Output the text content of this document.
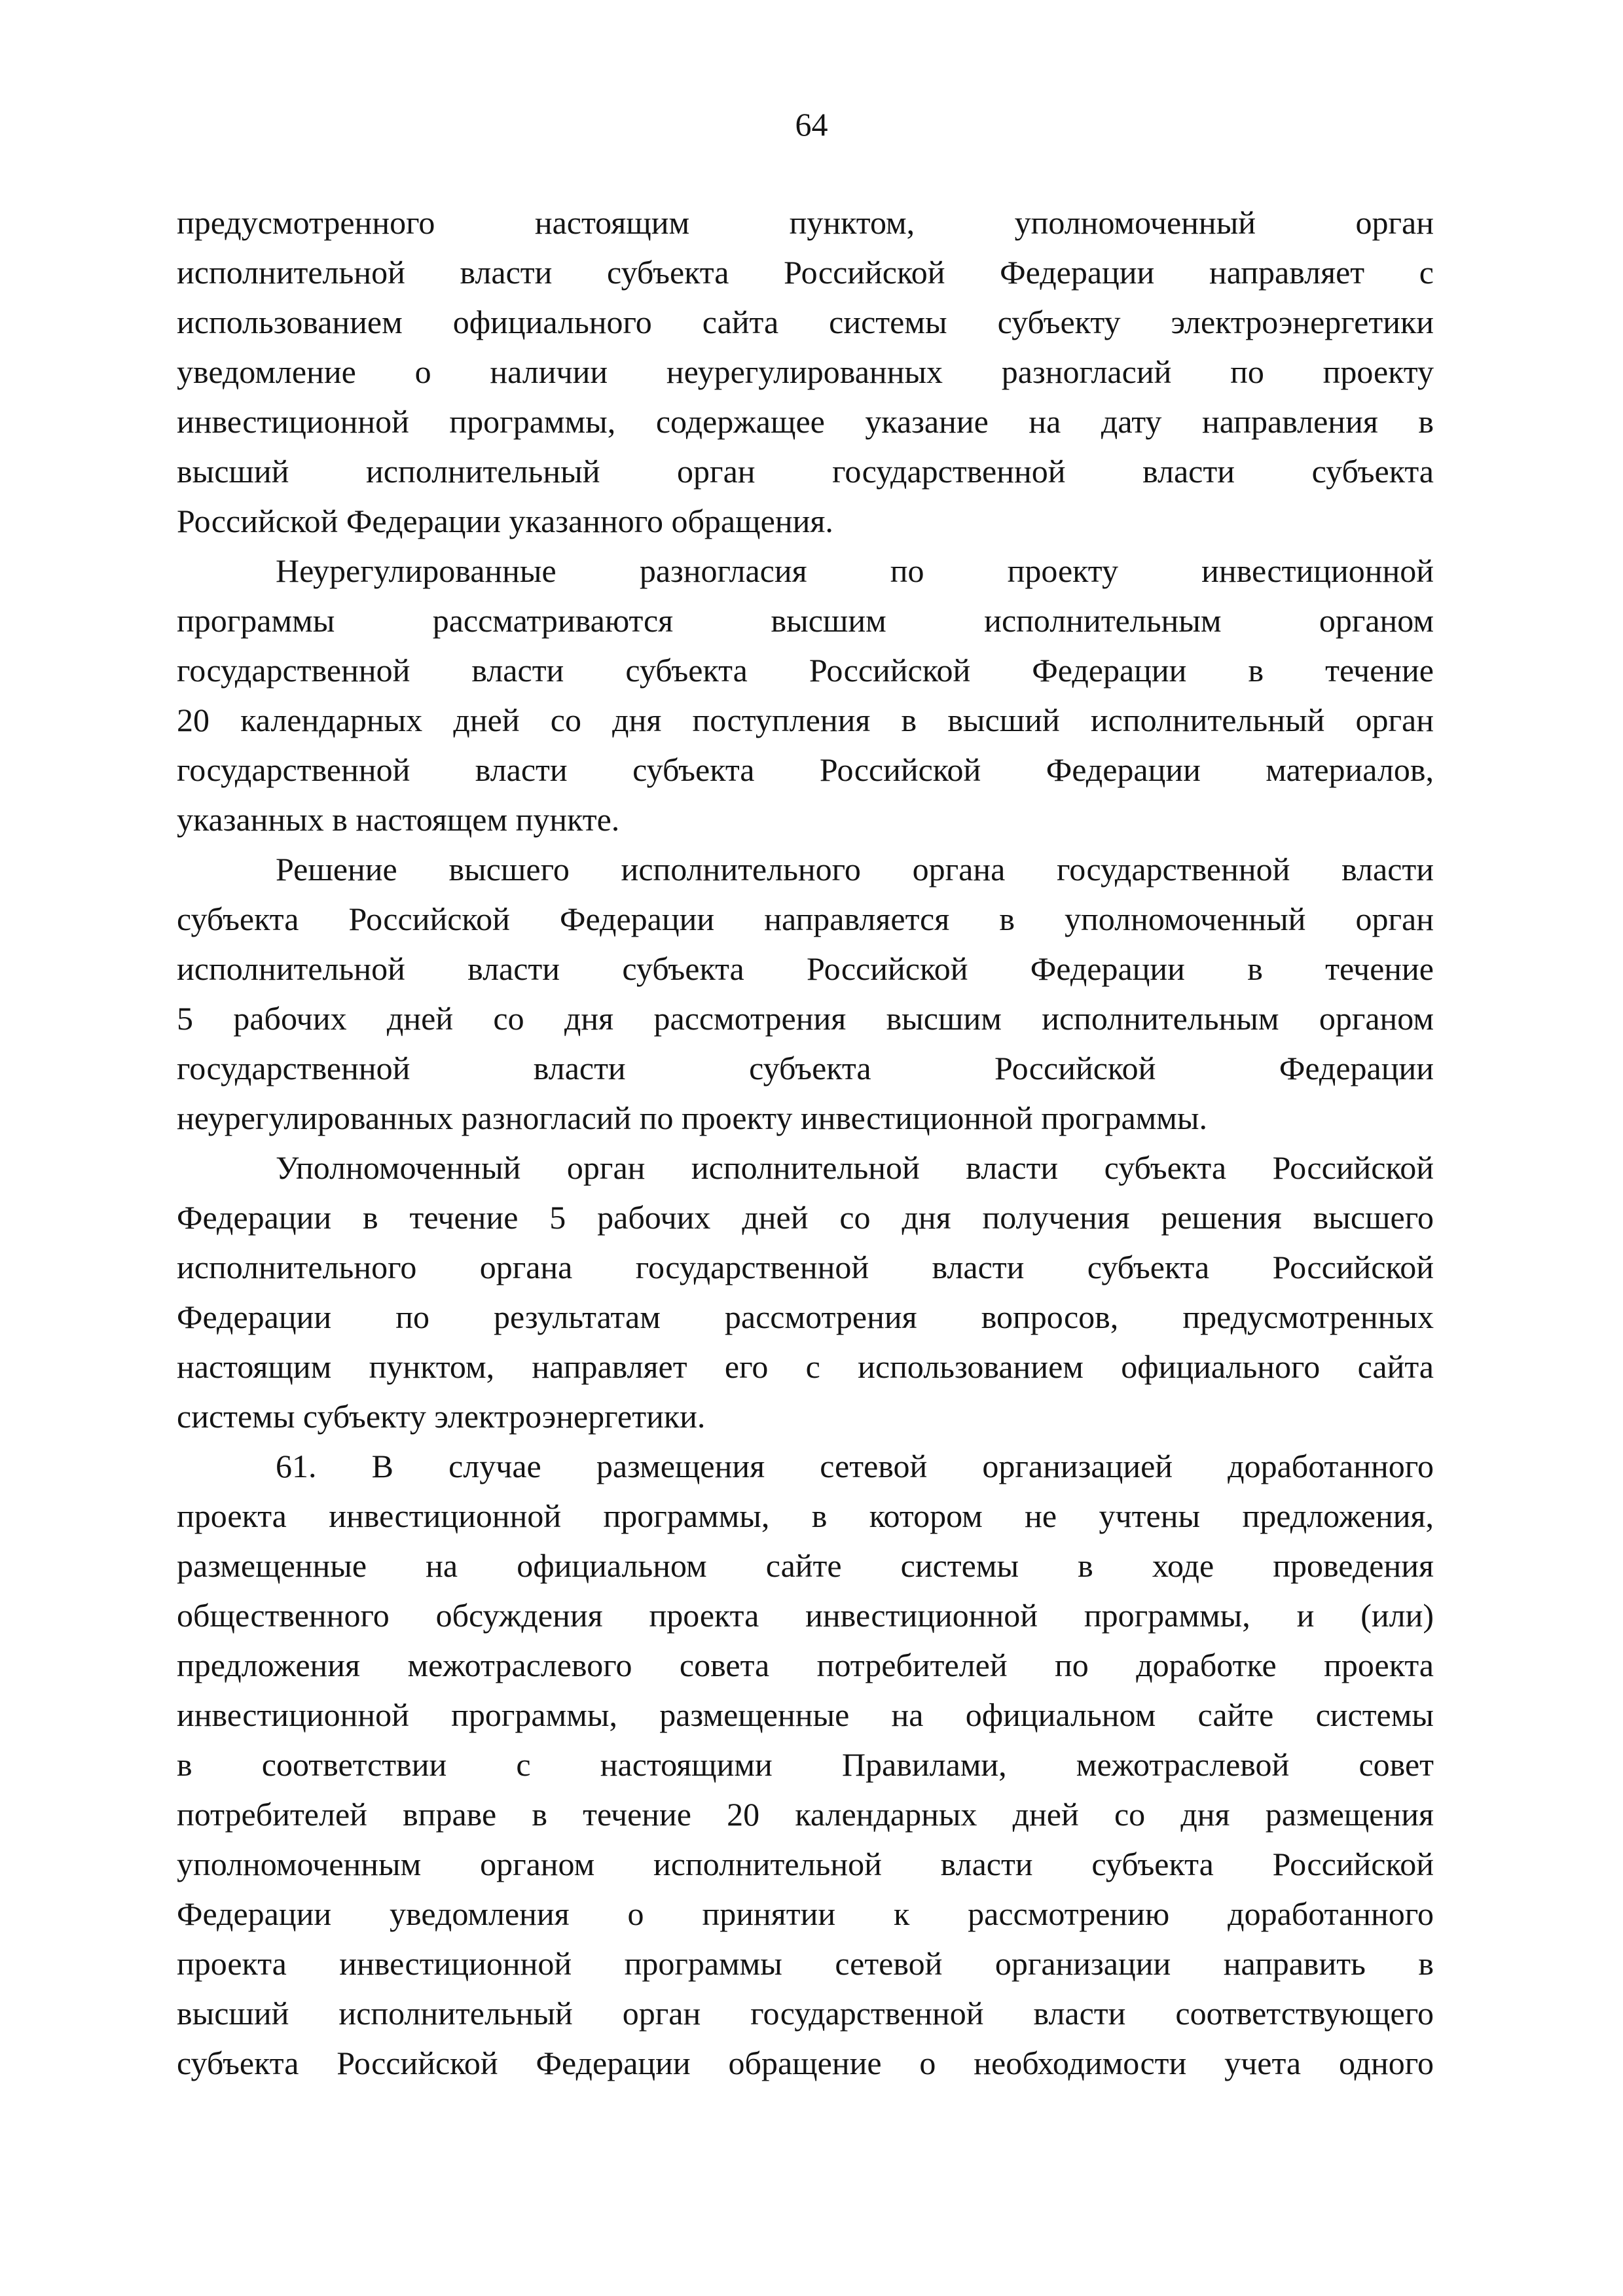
64
предусмотренного настоящим пунктом, уполномоченный орган
исполнительной власти субъекта Российской Федерации направляет с
использованием официального сайта системы субъекту электроэнергетики
уведомление о наличии неурегулированных разногласий по проекту
инвестиционной программы, содержащее указание на дату направления в
высший исполнительный орган государственной власти субъекта
Российской Федерации указанного обращения.
Неурегулированные разногласия по проекту инвестиционной
программы рассматриваются высшим исполнительным органом
государственной власти субъекта Российской Федерации в течение
20 календарных дней со дня поступления в высший исполнительный орган
государственной власти субъекта Российской Федерации материалов,
указанных в настоящем пункте.
Решение высшего исполнительного органа государственной власти
субъекта Российской Федерации направляется в уполномоченный орган
исполнительной власти субъекта Российской Федерации в течение
5 рабочих дней со дня рассмотрения высшим исполнительным органом
государственной власти субъекта Российской Федерации
неурегулированных разногласий по проекту инвестиционной программы.
Уполномоченный орган исполнительной власти субъекта Российской
Федерации в течение 5 рабочих дней со дня получения решения высшего
исполнительного органа государственной власти субъекта Российской
Федерации по результатам рассмотрения вопросов, предусмотренных
настоящим пунктом, направляет его с использованием официального сайта
системы субъекту электроэнергетики.
61. В случае размещения сетевой организацией доработанного
проекта инвестиционной программы, в котором не учтены предложения,
размещенные на официальном сайте системы в ходе проведения
общественного обсуждения проекта инвестиционной программы, и (или)
предложения межотраслевого совета потребителей по доработке проекта
инвестиционной программы, размещенные на официальном сайте системы
в соответствии с настоящими Правилами, межотраслевой совет
потребителей вправе в течение 20 календарных дней со дня размещения
уполномоченным органом исполнительной власти субъекта Российской
Федерации уведомления о принятии к рассмотрению доработанного
проекта инвестиционной программы сетевой организации направить в
высший исполнительный орган государственной власти соответствующего
субъекта Российской Федерации обращение о необходимости учета одного
